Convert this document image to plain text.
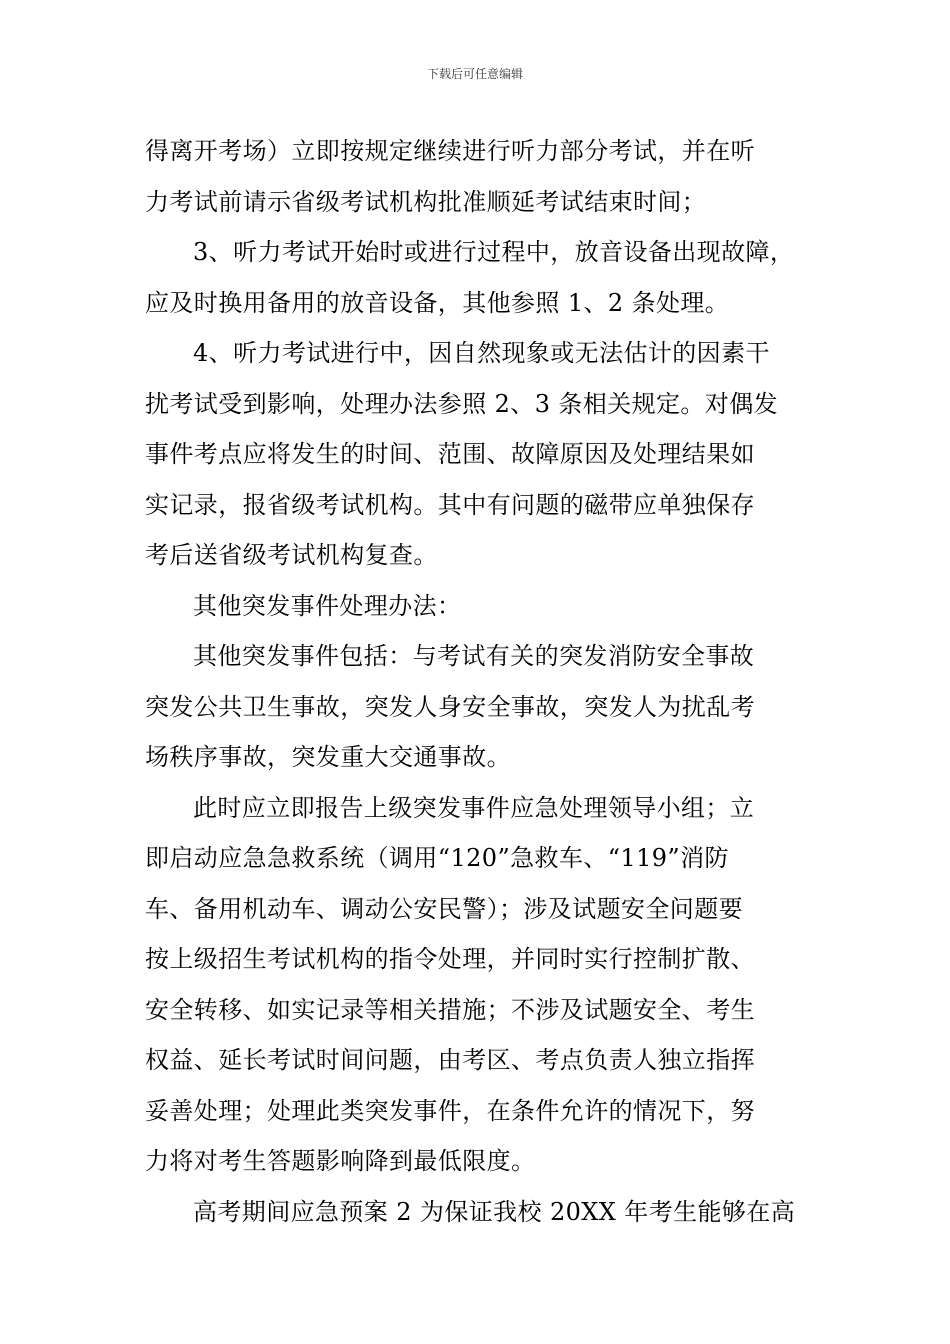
下载后可任意编辑
得离开考场）立即按规定继续进行听力部分考试，并在听
力考试前请示省级考试机构批准顺延考试结束时间；
3、听力考试开始时或进行过程中，放音设备出现故障，
应及时换用备用的放音设备，其他参照 1、2 条处理。
4、听力考试进行中，因自然现象或无法估计的因素干
扰考试受到影响，处理办法参照 2、3 条相关规定。对偶发
事件考点应将发生的时间、范围、故障原因及处理结果如
实记录，报省级考试机构。其中有问题的磁带应单独保存
考后送省级考试机构复查。
其他突发事件处理办法：
其他突发事件包括：与考试有关的突发消防安全事故
突发公共卫生事故，突发人身安全事故，突发人为扰乱考
场秩序事故，突发重大交通事故。
此时应立即报告上级突发事件应急处理领导小组；立
即启动应急急救系统（调用“120”急救车、“119”消防
车、备用机动车、调动公安民警）；涉及试题安全问题要
按上级招生考试机构的指令处理，并同时实行控制扩散、
安全转移、如实记录等相关措施；不涉及试题安全、考生
权益、延长考试时间问题，由考区、考点负责人独立指挥
妥善处理；处理此类突发事件，在条件允许的情况下，努
力将对考生答题影响降到最低限度。
高考期间应急预案 2 为保证我校 20XX 年考生能够在高
